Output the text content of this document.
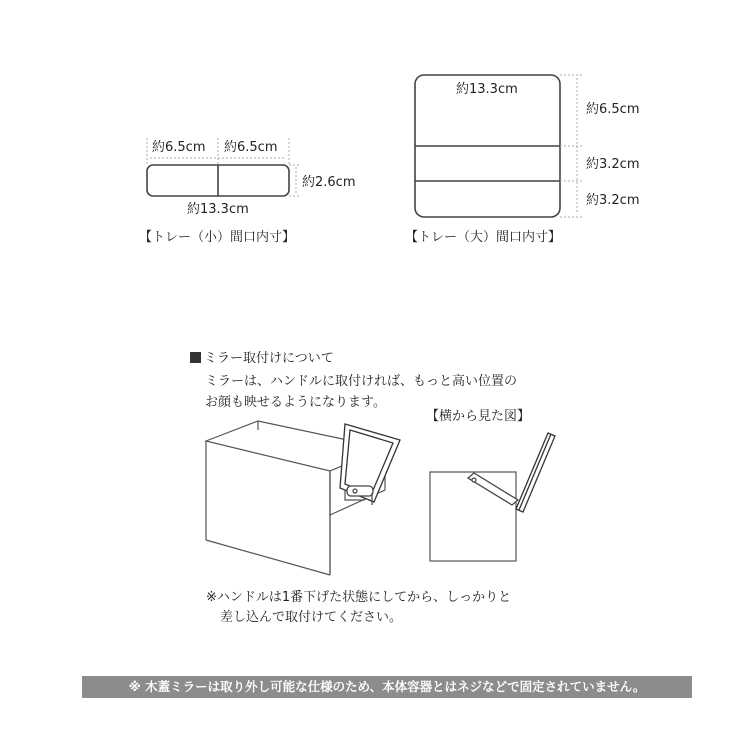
約6.5cm 約6.5cm
約2.6cm
約13.3cm
【トレー（小）間口内寸】
約13.3cm
約6.5cm
約3.2cm
約3.2cm
【トレー（大）間口内寸】
ミラー取付けについて
ミラーは、ハンドルに取付ければ、もっと高い位置の
お顔も映せるようになります。
【横から見た図】
※ハンドルは1番下げた状態にしてから、しっかりと
差し込んで取付けてください。
※ 木蓋ミラーは取り外し可能な仕様のため、本体容器とはネジなどで固定されていません。
